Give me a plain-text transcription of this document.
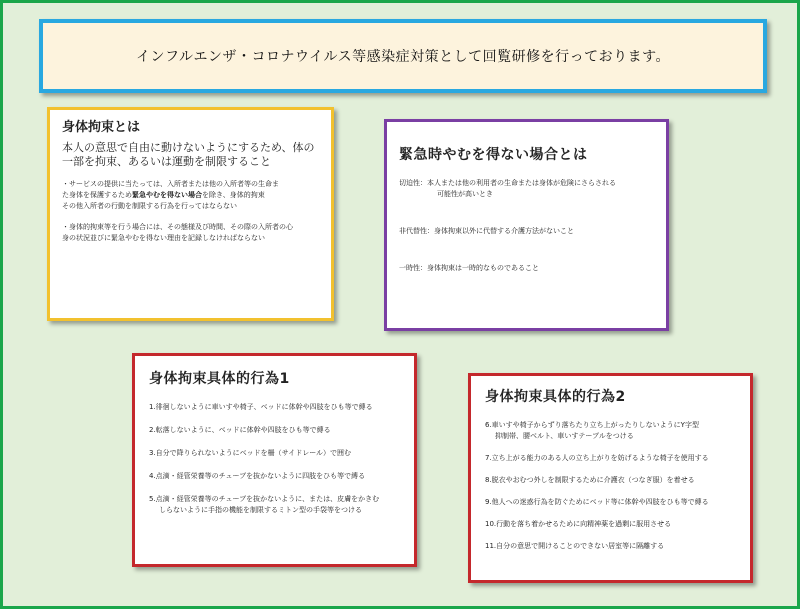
インフルエンザ・コロナウイルス等感染症対策として回覧研修を行っております。
身体拘束とは
本人の意思で自由に動けないようにするため、体の一部を拘束、あるいは運動を制限すること
・サービスの提供に当たっては、入所者または他の入所者等の生命ま
た身体を保護するため緊急やむを得ない場合を除き、身体的拘束
その他入所者の行動を制限する行為を行ってはならない
・身体的拘束等を行う場合には、その態様及び時間、その際の入所者の心
身の状況並びに緊急やむを得ない理由を記録しなければならない
緊急時やむを得ない場合とは
切迫性：本人または他の利用者の生命または身体が危険にさらされる
可能性が高いとき
非代替性：身体拘束以外に代替する介護方法がないこと
一時性：身体拘束は一時的なものであること
身体拘束具体的行為1
1.徘徊しないように車いすや椅子、ベッドに体幹や四肢をひも等で縛る
2.転落しないように、ベッドに体幹や四肢をひも等で縛る
3.自分で降りられないようにベッドを柵（サイドレール）で囲む
4.点滴・経管栄養等のチューブを抜かないように四肢をひも等で縛る
5.点滴・経管栄養等のチューブを抜かないように、または、皮膚をかきむ
しらないように手指の機能を制限するミトン型の手袋等をつける
身体拘束具体的行為2
6.車いすや椅子からずり落ちたり立ち上がったりしないようにY字型
抑制帯、腰ベルト、車いすテーブルをつける
7.立ち上がる能力のある人の立ち上がりを妨げるような椅子を使用する
8.脱衣やおむつ外しを制限するために介護衣（つなぎ服）を着せる
9.他人への迷惑行為を防ぐためにベッド等に体幹や四肢をひも等で縛る
10.行動を落ち着かせるために向精神薬を過剰に服用させる
11.自分の意思で開けることのできない居室等に隔離する
